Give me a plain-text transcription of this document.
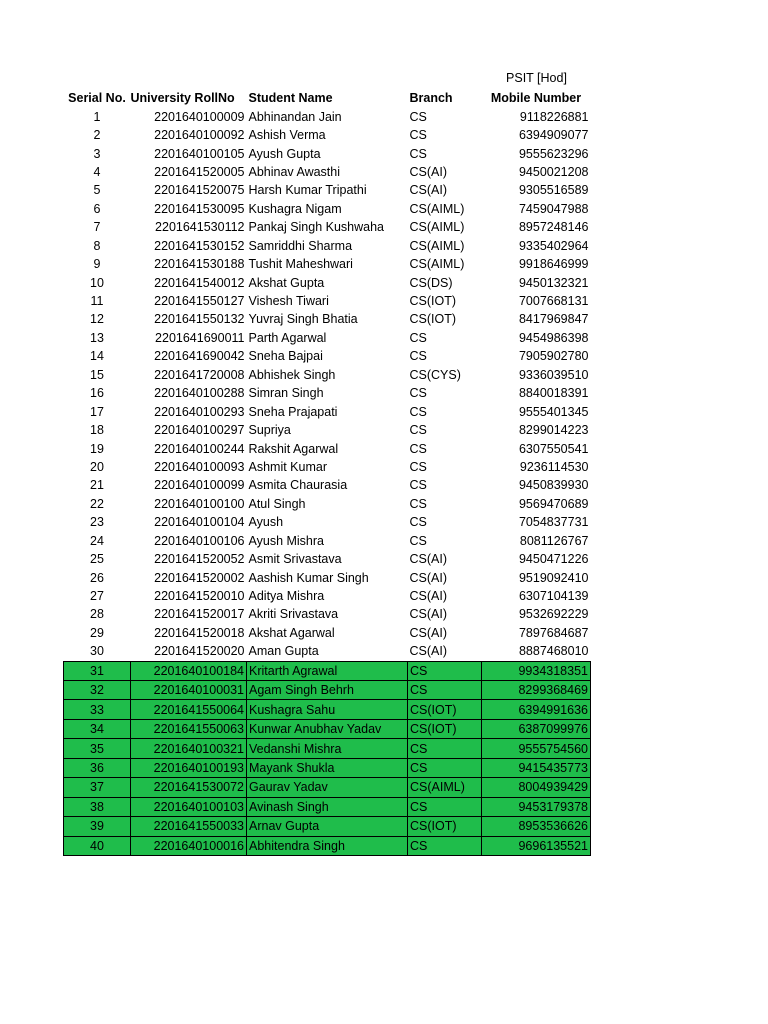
PSIT [Hod]
Serial No.	University RollNo	Student Name	Branch	Mobile Number
1	2201640100009	Abhinandan Jain	CS	9118226881
2	2201640100092	Ashish Verma	CS	6394909077
3	2201640100105	Ayush Gupta	CS	9555623296
4	2201641520005	Abhinav Awasthi	CS(AI)	9450021208
5	2201641520075	Harsh Kumar Tripathi	CS(AI)	9305516589
6	2201641530095	Kushagra Nigam	CS(AIML)	7459047988
7	2201641530112	Pankaj Singh Kushwaha	CS(AIML)	8957248146
8	2201641530152	Samriddhi Sharma	CS(AIML)	9335402964
9	2201641530188	Tushit Maheshwari	CS(AIML)	9918646999
10	2201641540012	Akshat Gupta	CS(DS)	9450132321
11	2201641550127	Vishesh Tiwari	CS(IOT)	7007668131
12	2201641550132	Yuvraj Singh Bhatia	CS(IOT)	8417969847
13	2201641690011	Parth Agarwal	CS	9454986398
14	2201641690042	Sneha Bajpai	CS	7905902780
15	2201641720008	Abhishek Singh	CS(CYS)	9336039510
16	2201640100288	Simran Singh	CS	8840018391
17	2201640100293	Sneha Prajapati	CS	9555401345
18	2201640100297	Supriya	CS	8299014223
19	2201640100244	Rakshit Agarwal	CS	6307550541
20	2201640100093	Ashmit Kumar	CS	9236114530
21	2201640100099	Asmita Chaurasia	CS	9450839930
22	2201640100100	Atul Singh	CS	9569470689
23	2201640100104	Ayush	CS	7054837731
24	2201640100106	Ayush Mishra	CS	8081126767
25	2201641520052	Asmit Srivastava	CS(AI)	9450471226
26	2201641520002	Aashish Kumar Singh	CS(AI)	9519092410
27	2201641520010	Aditya Mishra	CS(AI)	6307104139
28	2201641520017	Akriti Srivastava	CS(AI)	9532692229
29	2201641520018	Akshat Agarwal	CS(AI)	7897684687
30	2201641520020	Aman Gupta	CS(AI)	8887468010
31	2201640100184	Kritarth Agrawal	CS	9934318351
32	2201640100031	Agam Singh Behrh	CS	8299368469
33	2201641550064	Kushagra Sahu	CS(IOT)	6394991636
34	2201641550063	Kunwar Anubhav Yadav	CS(IOT)	6387099976
35	2201640100321	Vedanshi Mishra	CS	9555754560
36	2201640100193	Mayank Shukla	CS	9415435773
37	2201641530072	Gaurav Yadav	CS(AIML)	8004939429
38	2201640100103	Avinash Singh	CS	9453179378
39	2201641550033	Arnav Gupta	CS(IOT)	8953536626
40	2201640100016	Abhitendra Singh	CS	9696135521
